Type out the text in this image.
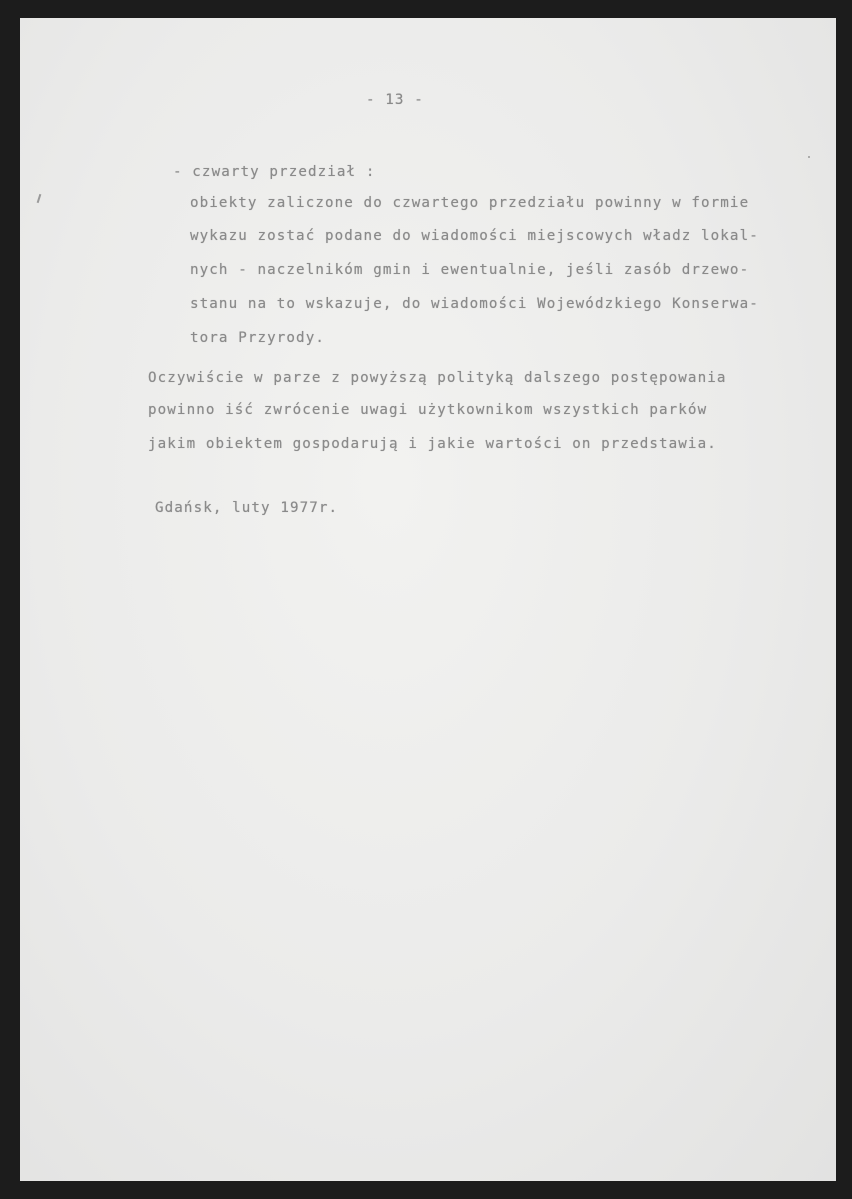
- 13 -
- czwarty przedział :
obiekty zaliczone do czwartego przedziału powinny w formie
wykazu zostać podane do wiadomości miejscowych władz lokal-
nych - naczelnikóm gmin i ewentualnie, jeśli zasób drzewo-
stanu na to wskazuje, do wiadomości Wojewódzkiego Konserwa-
tora Przyrody.
Oczywiście w parze z powyższą polityką dalszego postępowania
powinno iść zwrócenie uwagi użytkownikom wszystkich parków
jakim obiektem gospodarują i jakie wartości on przedstawia.
Gdańsk, luty 1977r.
